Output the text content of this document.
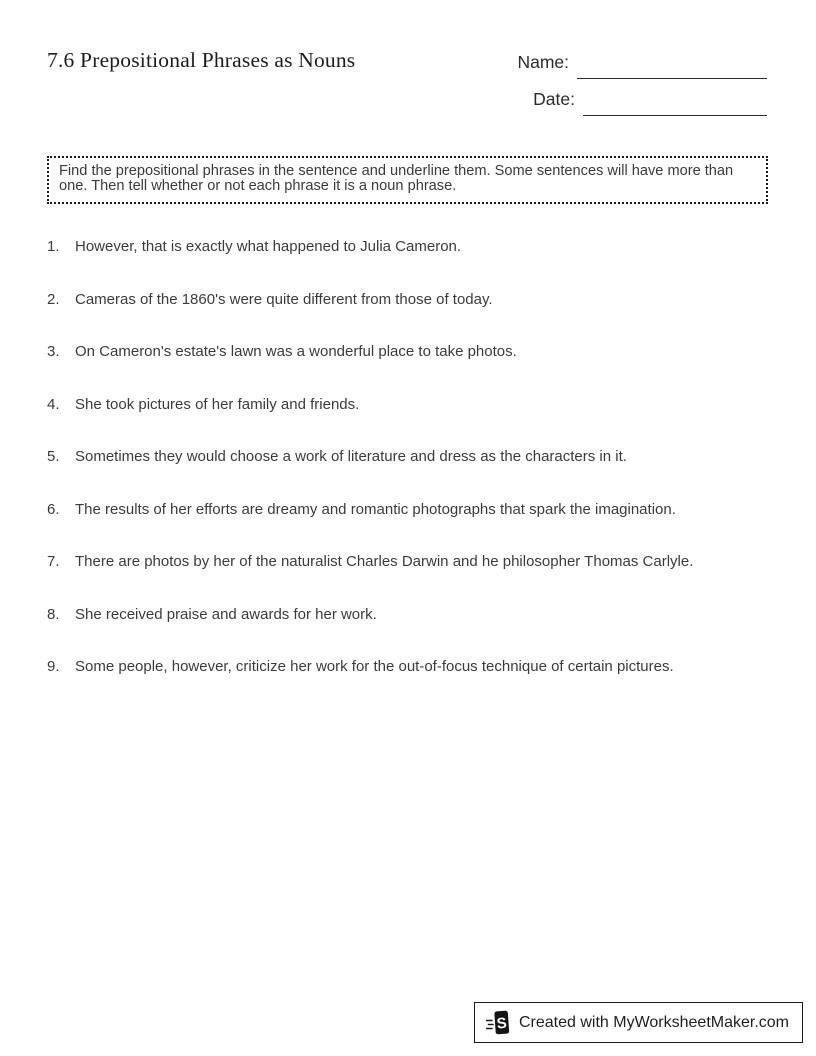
7.6 Prepositional Phrases as Nouns	Name:
Date:

Find the prepositional phrases in the sentence and underline them. Some sentences will have more than one. Then tell whether or not each phrase it is a noun phrase.

1.	However, that is exactly what happened to Julia Cameron.
2.	Cameras of the 1860's were quite different from those of today.
3.	On Cameron's estate's lawn was a wonderful place to take photos.
4.	She took pictures of her family and friends.
5.	Sometimes they would choose a work of literature and dress as the characters in it.
6.	The results of her efforts are dreamy and romantic photographs that spark the imagination.
7.	There are photos by her of the naturalist Charles Darwin and he philosopher Thomas Carlyle.
8.	She received praise and awards for her work.
9.	Some people, however, criticize her work for the out-of-focus technique of certain pictures.
S Created with MyWorksheetMaker.com
